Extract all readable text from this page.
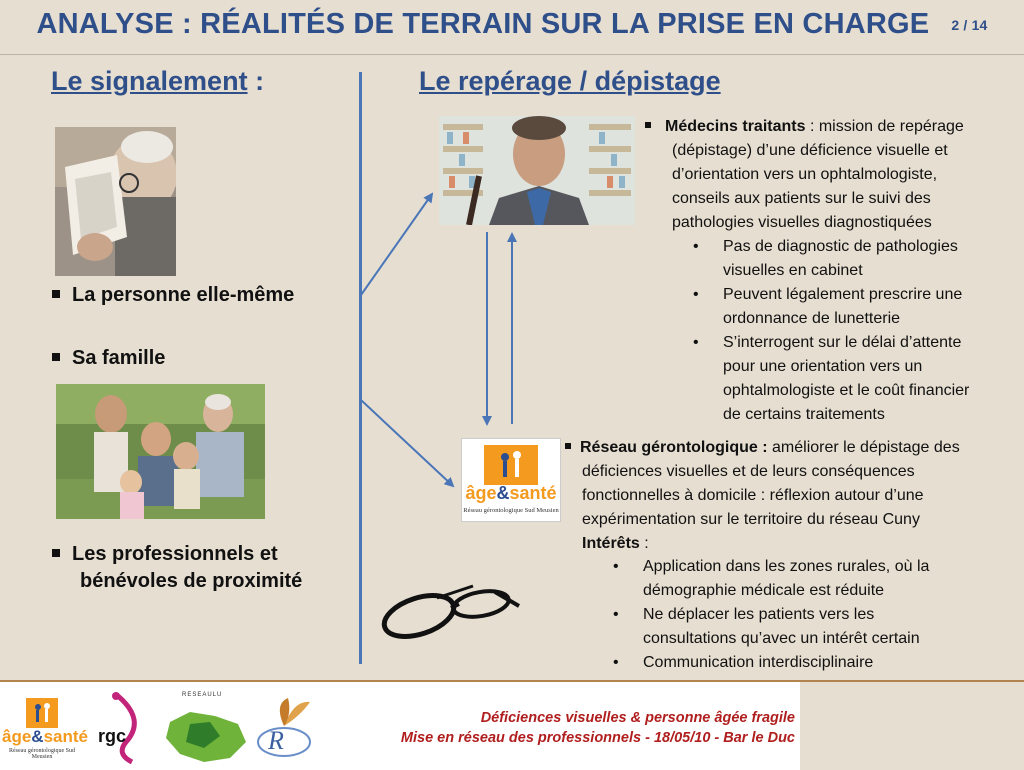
ANALYSE : RÉALITÉS DE TERRAIN SUR LA PRISE EN CHARGE 2 / 14
Le signalement :	Le repérage / dépistage
La personne elle-même
Sa famille
Les professionnels et
bénévoles de proximité
âge&santé
Réseau gérontologique Sud Meusien
Médecins traitants : mission de repérage
(dépistage) d’une déficience visuelle et
d’orientation vers un ophtalmologiste,
conseils aux patients sur le suivi des
pathologies visuelles diagnostiquées
• Pas de diagnostic de pathologies
visuelles en cabinet
• Peuvent légalement prescrire une
ordonnance de lunetterie
• S’interrogent sur le délai d’attente
pour une orientation vers un
ophtalmologiste et le coût financier
de certains traitements
Réseau gérontologique : améliorer le dépistage des
déficiences visuelles et de leurs conséquences
fonctionnelles à domicile : réflexion autour d’une
expérimentation sur le territoire du réseau Cuny
Intérêts :
• Application dans les zones rurales, où la
démographie médicale est réduite
• Ne déplacer les patients vers les
consultations qu’avec un intérêt certain
• Communication interdisciplinaire
âge&santé
Réseau gérontologique Sud Meusien
rgc
RESEAULU
R
Déficiences visuelles & personne âgée fragile
Mise en réseau des professionnels - 18/05/10 - Bar le Duc
